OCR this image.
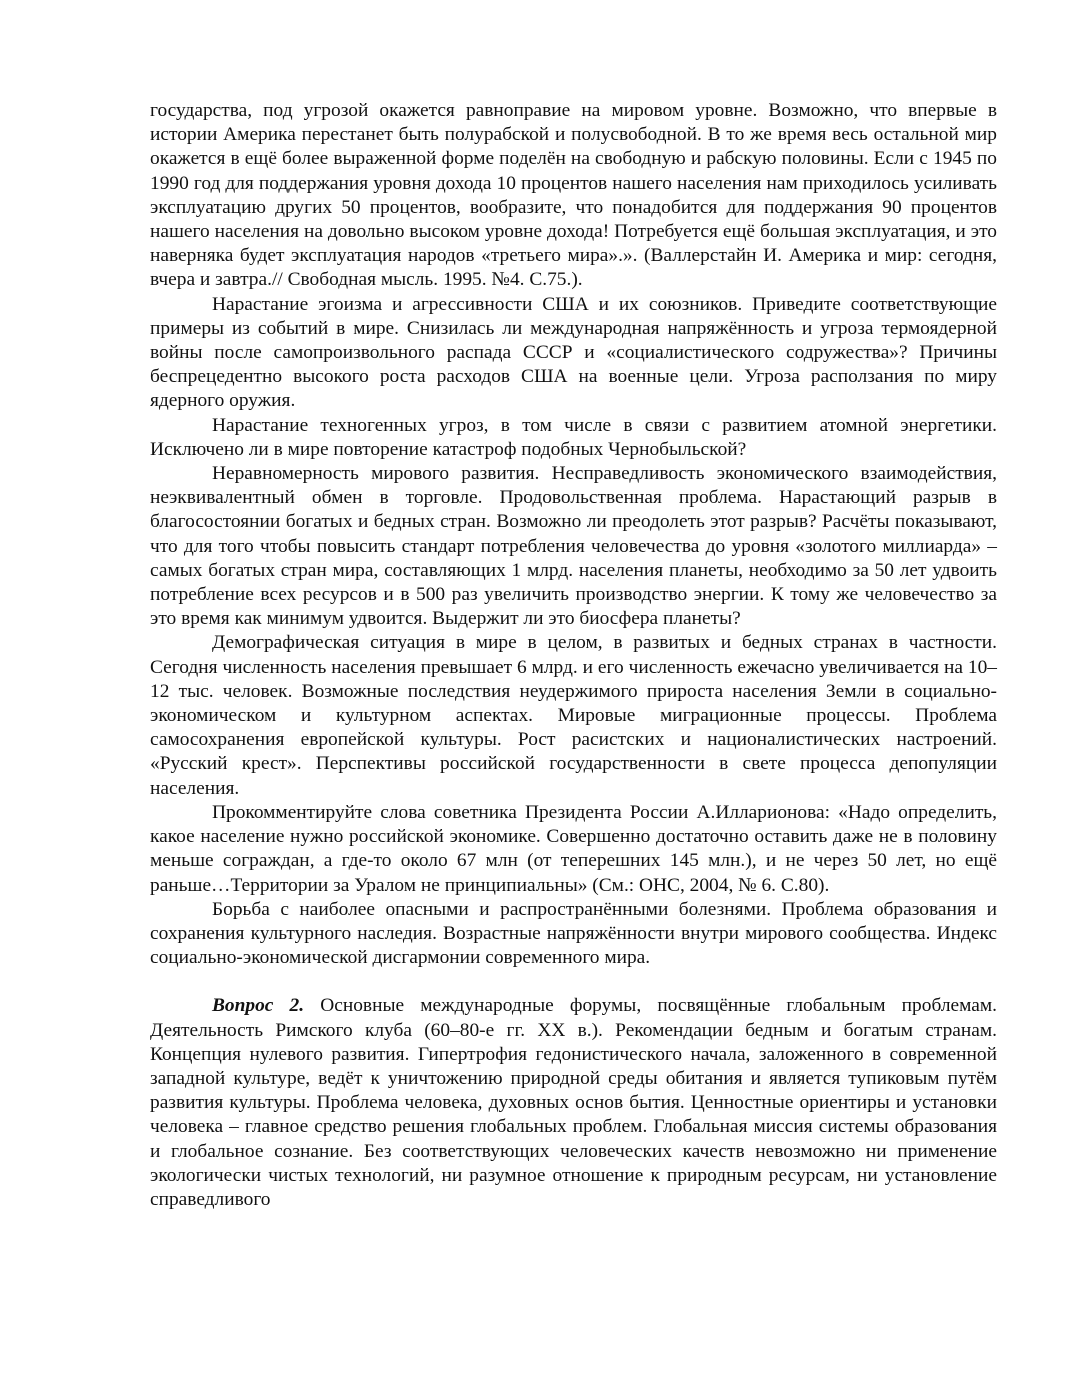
государства, под угрозой окажется равноправие на мировом уровне. Возможно, что впервые в истории Америка перестанет быть полурабской и полусвободной. В то же время весь остальной мир окажется в ещё более выраженной форме поделён на свободную и рабскую половины. Если с 1945 по 1990 год для поддержания уровня дохода 10 процентов нашего населения нам приходилось усиливать эксплуатацию других 50 процентов, вообразите, что понадобится для поддержания 90 процентов нашего населения на довольно высоком уровне дохода! Потребуется ещё большая эксплуатация, и это наверняка будет эксплуатация народов «третьего мира».». (Валлерстайн И. Америка и мир: сегодня, вчера и завтра.// Свободная мысль. 1995. №4. С.75.).

Нарастание эгоизма и агрессивности США и их союзников. Приведите соответствующие примеры из событий в мире. Снизилась ли международная напряжённость и угроза термоядерной войны после самопроизвольного распада СССР и «социалистического содружества»? Причины беспрецедентно высокого роста расходов США на военные цели. Угроза расползания по миру ядерного оружия.

Нарастание техногенных угроз, в том числе в связи с развитием атомной энергетики. Исключено ли в мире повторение катастроф подобных Чернобыльской?

Неравномерность мирового развития. Несправедливость экономического взаимодействия, неэквивалентный обмен в торговле. Продовольственная проблема. Нарастающий разрыв в благосостоянии богатых и бедных стран. Возможно ли преодолеть этот разрыв? Расчёты показывают, что для того чтобы повысить стандарт потребления человечества до уровня «золотого миллиарда» – самых богатых стран мира, составляющих 1 млрд. населения планеты, необходимо за 50 лет удвоить потребление всех ресурсов и в 500 раз увеличить производство энергии. К тому же человечество за это время как минимум удвоится. Выдержит ли это биосфера планеты?

Демографическая ситуация в мире в целом, в развитых и бедных странах в частности. Сегодня численность населения превышает 6 млрд. и его численность ежечасно увеличивается на 10–12 тыс. человек. Возможные последствия неудержимого прироста населения Земли в социально-экономическом и культурном аспектах. Мировые миграционные процессы. Проблема самосохранения европейской культуры. Рост расистских и националистических настроений. «Русский крест». Перспективы российской государственности в свете процесса депопуляции населения.

Прокомментируйте слова советника Президента России А.Илларионова: «Надо определить, какое население нужно российской экономике. Совершенно достаточно оставить даже не в половину меньше сограждан, а где-то около 67 млн (от теперешних 145 млн.), и не через 50 лет, но ещё раньше…Территории за Уралом не принципиальны» (См.: ОНС, 2004, № 6. С.80).

Борьба с наиболее опасными и распространёнными болезнями. Проблема образования и сохранения культурного наследия. Возрастные напряжённости внутри мирового сообщества. Индекс социально-экономической дисгармонии современного мира.

Вопрос 2. Основные международные форумы, посвящённые глобальным проблемам. Деятельность Римского клуба (60–80-е гг. XX в.). Рекомендации бедным и богатым странам. Концепция нулевого развития. Гипертрофия гедонистического начала, заложенного в современной западной культуре, ведёт к уничтожению природной среды обитания и является тупиковым путём развития культуры. Проблема человека, духовных основ бытия. Ценностные ориентиры и установки человека – главное средство решения глобальных проблем. Глобальная миссия системы образования и глобальное сознание. Без соответствующих человеческих качеств невозможно ни применение экологически чистых технологий, ни разумное отношение к природным ресурсам, ни установление справедливого
